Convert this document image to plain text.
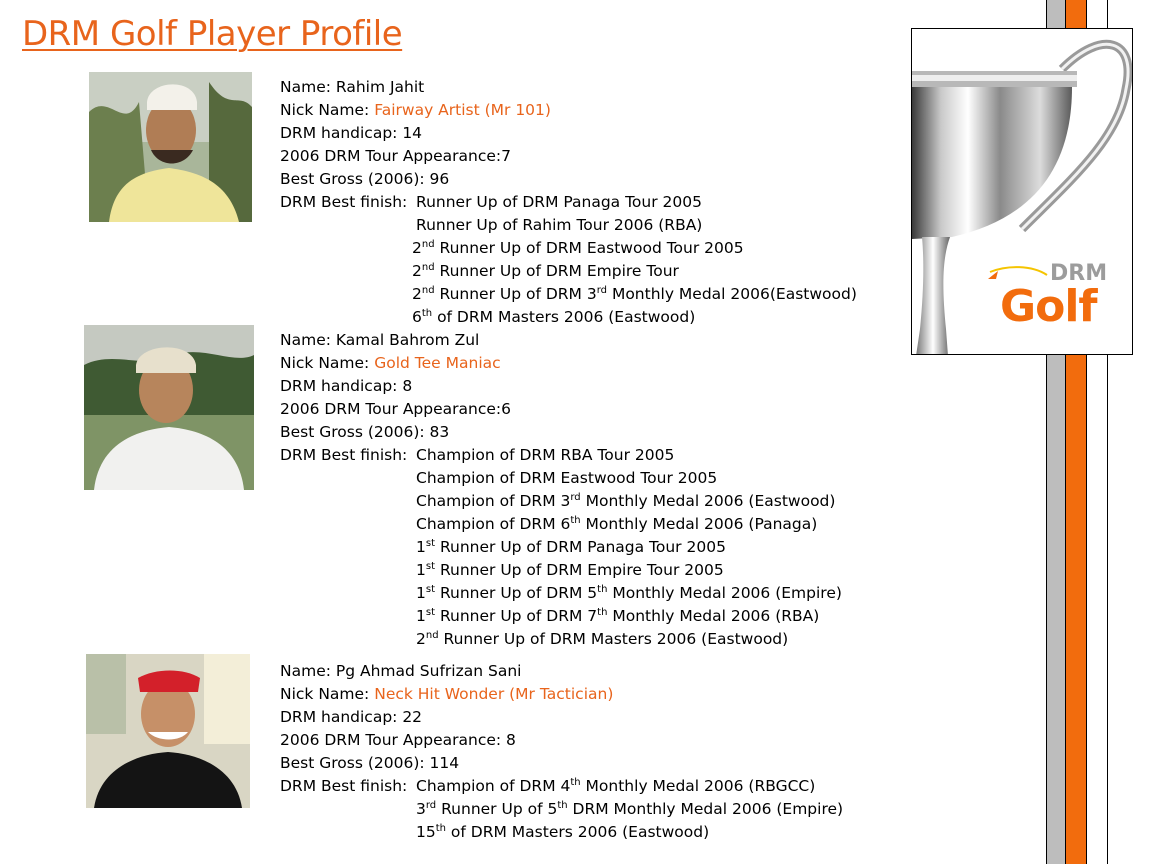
DRM Golf Player Profile
DRM
Golf
Name: Rahim Jahit
Nick Name: Fairway Artist (Mr 101)
DRM handicap: 14
2006 DRM Tour Appearance:7
Best Gross (2006): 96
DRM Best finish:Runner Up of DRM Panaga Tour 2005
Runner Up of Rahim Tour 2006 (RBA)
2nd Runner Up of DRM Eastwood Tour 2005
2nd Runner Up of DRM Empire Tour
2nd Runner Up of DRM 3rd Monthly Medal 2006(Eastwood)
6th of DRM Masters 2006 (Eastwood)
Name: Kamal Bahrom Zul
Nick Name: Gold Tee Maniac
DRM handicap: 8
2006 DRM Tour Appearance:6
Best Gross (2006): 83
DRM Best finish:Champion of DRM RBA Tour 2005
Champion of DRM Eastwood Tour 2005
Champion of DRM 3rd Monthly Medal 2006 (Eastwood)
Champion of DRM 6th Monthly Medal 2006 (Panaga)
1st Runner Up of DRM Panaga Tour 2005
1st Runner Up of DRM Empire Tour 2005
1st Runner Up of DRM 5th Monthly Medal 2006 (Empire)
1st Runner Up of DRM 7th Monthly Medal 2006 (RBA)
2nd Runner Up of DRM Masters 2006 (Eastwood)
Name: Pg Ahmad Sufrizan Sani
Nick Name: Neck Hit Wonder (Mr Tactician)
DRM handicap: 22
2006 DRM Tour Appearance: 8
Best Gross (2006): 114
DRM Best finish:Champion of DRM 4th Monthly Medal 2006 (RBGCC)
3rd Runner Up of 5th DRM Monthly Medal 2006 (Empire)
15th of DRM Masters 2006 (Eastwood)
